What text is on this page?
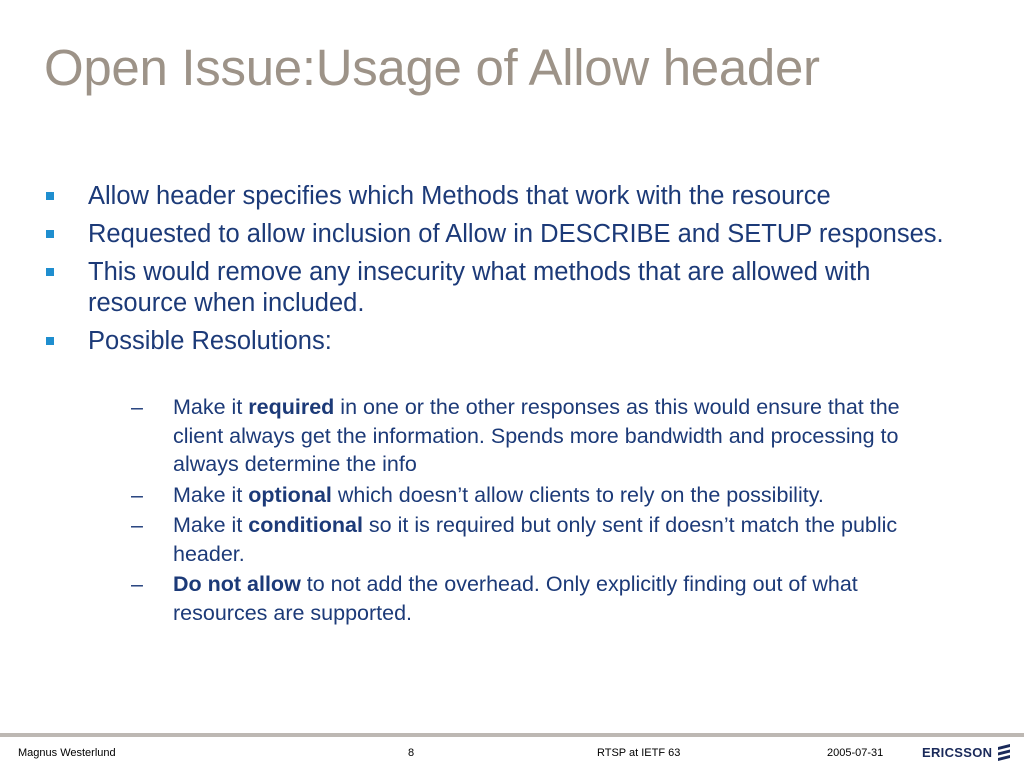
Open Issue:Usage of Allow header
Allow header specifies which Methods that work with the resource
Requested to allow inclusion of Allow in DESCRIBE and SETUP responses.
This would remove any insecurity what methods that are allowed with resource when included.
Possible Resolutions:
– Make it required in one or the other responses as this would ensure that the client always get the information. Spends more bandwidth and processing to always determine the info
– Make it optional which doesn’t allow clients to rely on the possibility.
– Make it conditional so it is required but only sent if doesn’t match the public header.
– Do not allow to not add the overhead. Only explicitly finding out of what resources are supported.
Magnus Westerlund	8	RTSP at IETF 63	2005-07-31	ERICSSON
